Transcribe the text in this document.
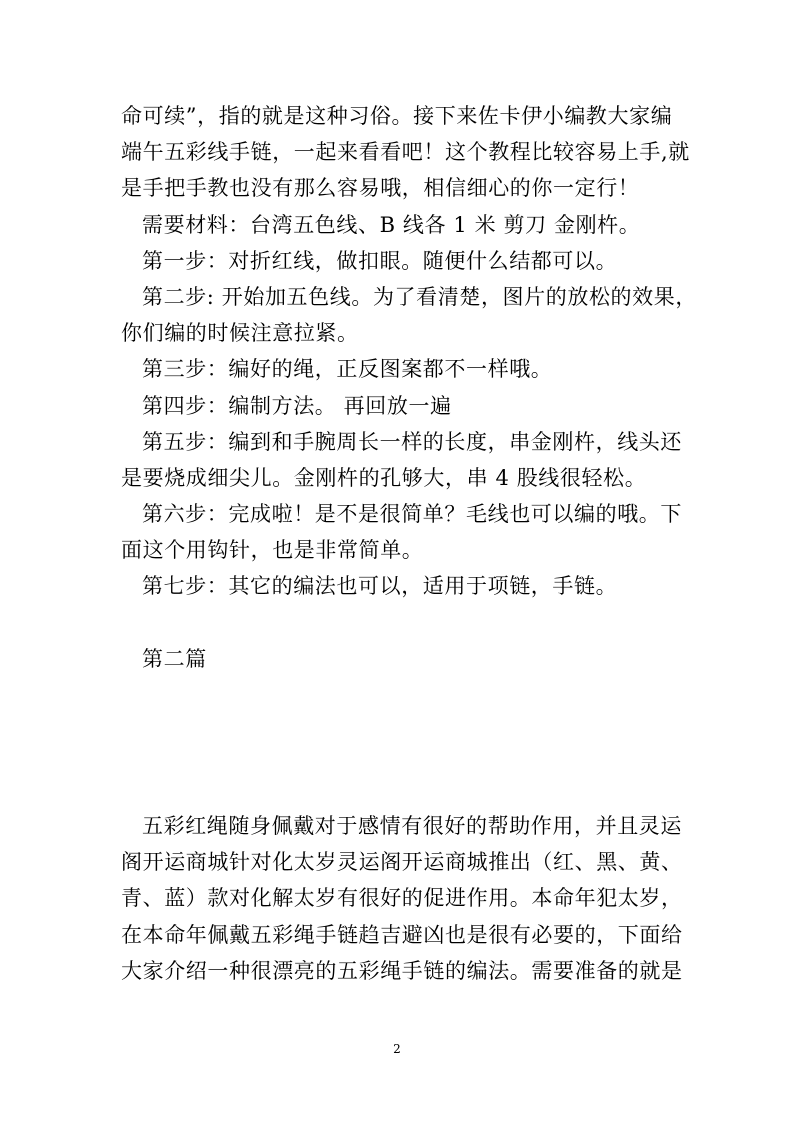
命可续”，指的就是这种习俗。接下来佐卡伊小编教大家编
端午五彩线手链，一起来看看吧！这个教程比较容易上手,就
是手把手教也没有那么容易哦，相信细心的你一定行！
需要材料：台湾五色线、B 线各 1 米 剪刀 金刚杵。
第一步：对折红线，做扣眼。随便什么结都可以。
第二步: 开始加五色线。为了看清楚，图片的放松的效果，
你们编的时候注意拉紧。
第三步：编好的绳，正反图案都不一样哦。
第四步：编制方法。 再回放一遍
第五步：编到和手腕周长一样的长度，串金刚杵，线头还
是要烧成细尖儿。金刚杵的孔够大，串 4 股线很轻松。
第六步：完成啦！是不是很简单？毛线也可以编的哦。下
面这个用钩针，也是非常简单。
第七步：其它的编法也可以，适用于项链，手链。
第二篇
五彩红绳随身佩戴对于感情有很好的帮助作用，并且灵运
阁开运商城针对化太岁灵运阁开运商城推出（红、黑、黄、
青、蓝）款对化解太岁有很好的促进作用。本命年犯太岁，
在本命年佩戴五彩绳手链趋吉避凶也是很有必要的，下面给
大家介绍一种很漂亮的五彩绳手链的编法。需要准备的就是
2
